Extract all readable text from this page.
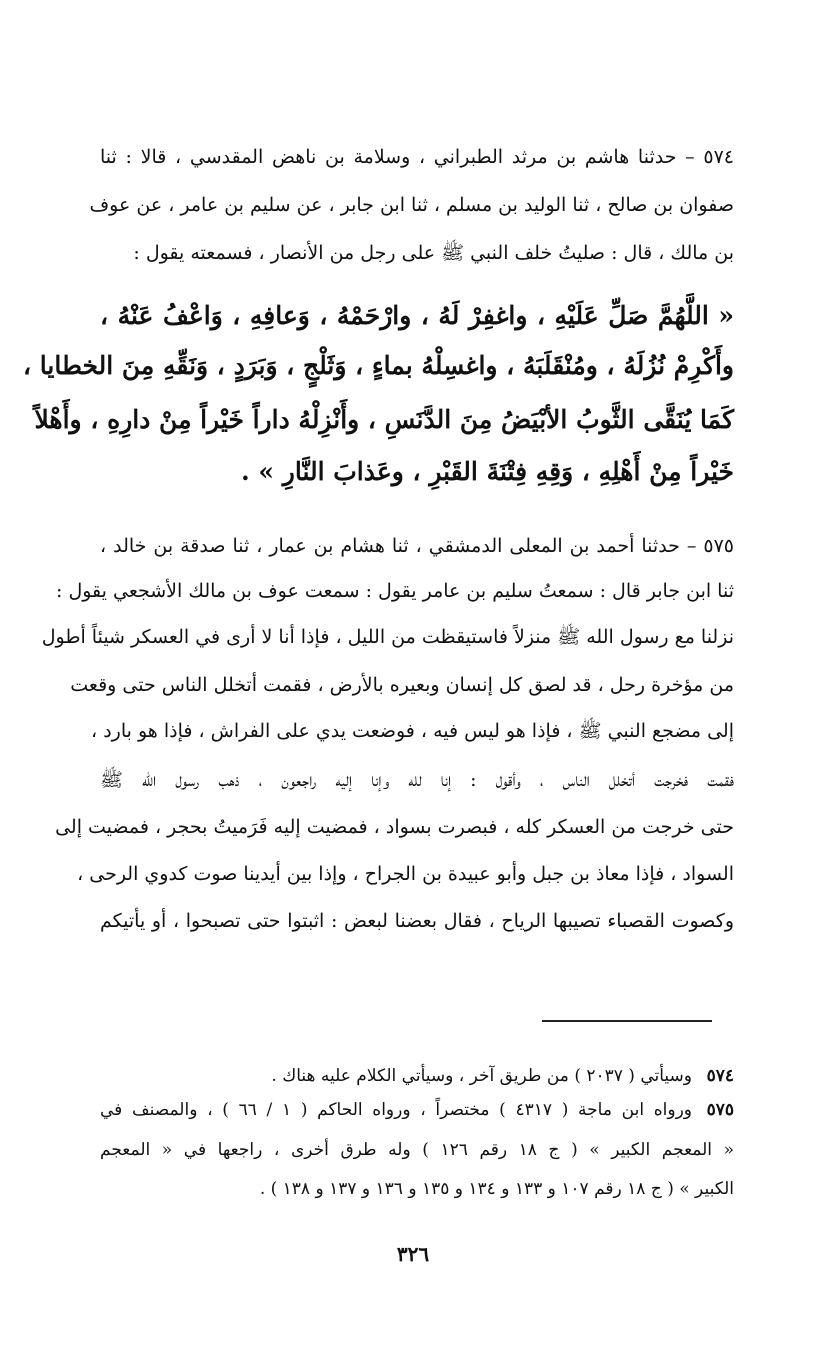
٥٧٤ – حدثنا هاشم بن مرثد الطبراني ، وسلامة بن ناهض المقدسي ، قالا : ثنا
صفوان بن صالح ، ثنا الوليد بن مسلم ، ثنا ابن جابر ، عن سليم بن عامر ، عن عوف
بن مالك ، قال : صليتُ خلف النبي ﷺ على رجل من الأنصار ، فسمعته يقول :
« اللَّهُمَّ صَلِّ عَلَيْهِ ، واغفِرْ لَهُ ، وارْحَمْهُ ، وَعافِهِ ، وَاعْفُ عَنْهُ ،
وأَكْرِمْ نُزُلَهُ ، ومُنْقَلَبَهُ ، واغسِلْهُ بماءٍ ، وَثَلْجٍ ، وَبَرَدٍ ، وَنَقِّهِ مِنَ الخطايا ،
كَمَا يُنَقَّى الثَّوبُ الأبْيَضُ مِنَ الدَّنَسِ ، وأَنْزِلْهُ داراً خَيْراً مِنْ دارِهِ ، وأَهْلاً
خَيْراً مِنْ أَهْلِهِ ، وَقِهِ فِتْنَةَ القَبْرِ ، وعَذابَ النَّارِ » .
٥٧٥ – حدثنا أحمد بن المعلى الدمشقي ، ثنا هشام بن عمار ، ثنا صدقة بن خالد ،
ثنا ابن جابر قال : سمعتُ سليم بن عامر يقول : سمعت عوف بن مالك الأشجعي يقول :
نزلنا مع رسول الله ﷺ منزلاً فاستيقظت من الليل ، فإذا أنا لا أرى في العسكر شيئاً أطول
من مؤخرة رحل ، قد لصق كل إنسان وبعيره بالأرض ، فقمت أتخلل الناس حتى وقعت
إلى مضجع النبي ﷺ ، فإذا هو ليس فيه ، فوضعت يدي على الفراش ، فإذا هو بارد ،
فقمت فخرجت أتخلل الناس ، وأقول : إنا لله وإنا إليه راجعون ، ذهب رسول الله ﷺ
حتى خرجت من العسكر كله ، فبصرت بسواد ، فمضيت إليه فَرَميتُ بحجر ، فمضيت إلى
السواد ، فإذا معاذ بن جبل وأبو عبيدة بن الجراح ، وإذا بين أيدينا صوت كدوي الرحى ،
وكصوت القصباء تصيبها الرياح ، فقال بعضنا لبعض : اثبتوا حتى تصبحوا ، أو يأتيكم
٥٧٤
وسيأتي ( ٢٠٣٧ ) من طريق آخر ، وسيأتي الكلام عليه هناك .
٥٧٥
ورواه ابن ماجة ( ٤٣١٧ ) مختصراً ، ورواه الحاكم ( ١ / ٦٦ ) ، والمصنف في
« المعجم الكبير » ( ج ١٨ رقم ١٢٦ ) وله طرق أخرى ، راجعها في « المعجم
الكبير » ( ج ١٨ رقم ١٠٧ و ١٣٣ و ١٣٤ و ١٣٥ و ١٣٦ و ١٣٧ و ١٣٨ ) .
٣٢٦
